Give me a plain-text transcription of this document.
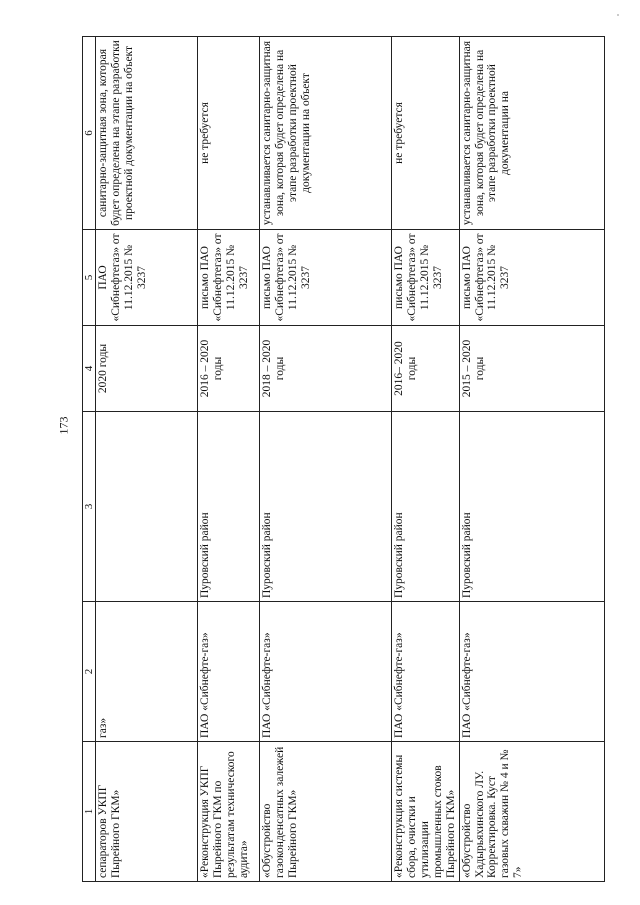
173
1	2	3	4	5	6
сепараторов УКПГ Пырейного ГКМ»	газ»		2020 годы	ПАО «Сибнефтегаз» от 11.12.2015 № 3237	санитарно-защитная зона, которая будет определена на этапе разработки проектной документации на объект
«Реконструкция УКПГ Пырейного ГКМ по результатам технического аудита»	ПАО «Сибнефте-газ»	Пуровский район	2016 – 2020 годы	письмо ПАО «Сибнефтегаз» от 11.12.2015 № 3237	не требуется
«Обустройство газоконденсатных залежей Пырейного ГКМ»	ПАО «Сибнефте-газ»	Пуровский район	2018 – 2020 годы	письмо ПАО «Сибнефтегаз» от 11.12.2015 № 3237	устанавливается санитарно-защитная зона, которая будет определена на этапе разработки проектной документации на объект
«Реконструкция системы сбора, очистки и утилизации промышленных стоков Пырейного ГКМ»	ПАО «Сибнефте-газ»	Пуровский район	2016– 2020 годы	письмо ПАО «Сибнефтегаз» от 11.12.2015 № 3237	не требуется
«Обустройство Хадырьяхинского ЛУ. Корректировка. Куст газовых скважин № 4 и № 7»	ПАО «Сибнефте-газ»	Пуровский район	2015 – 2020 годы	письмо ПАО «Сибнефтегаз» от 11.12.2015 № 3237	устанавливается санитарно-защитная зона, которая будет определена на этапе разработки проектной документации на
